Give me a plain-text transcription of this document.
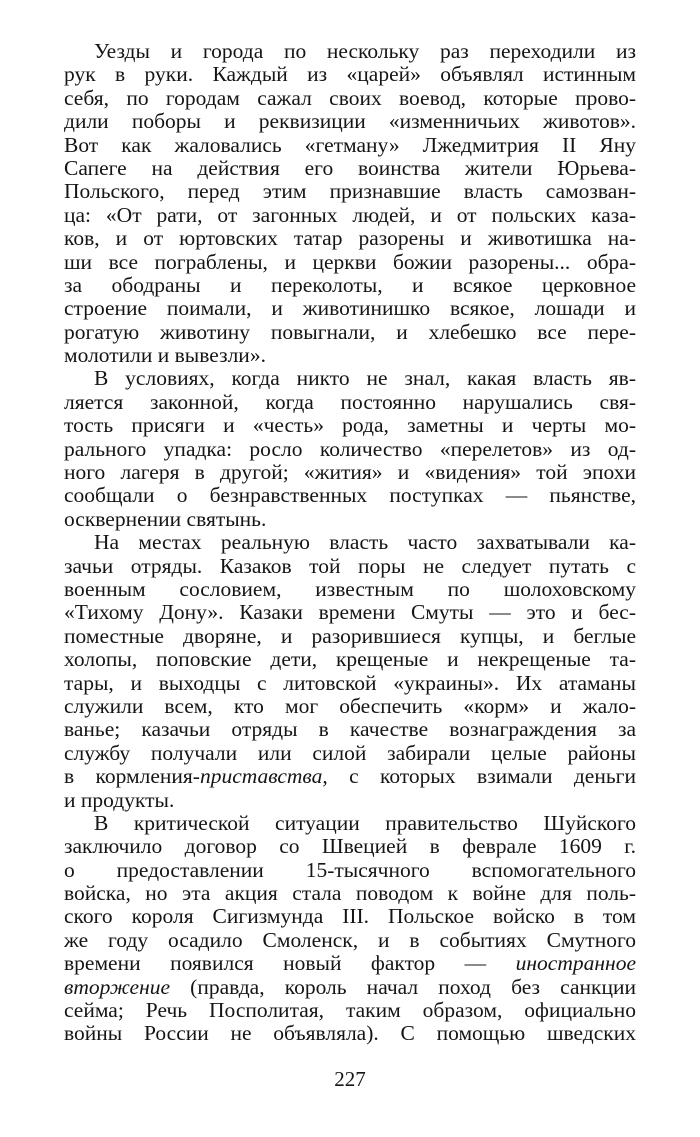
Уезды и города по нескольку раз переходили из
рук в руки. Каждый из «царей» объявлял истинным
себя, по городам сажал своих воевод, которые прово-
дили поборы и реквизиции «изменничьих животов».
Вот как жаловались «гетману» Лжедмитрия II Яну
Сапеге на действия его воинства жители Юрьева-
Польского, перед этим признавшие власть самозван-
ца: «От рати, от загонных людей, и от польских каза-
ков, и от юртовских татар разорены и животишка на-
ши все пограблены, и церкви божии разорены... обра-
за ободраны и переколоты, и всякое церковное
строение поимали, и животинишко всякое, лошади и
рогатую животину повыгнали, и хлебешко все пере-
молотили и вывезли».
В условиях, когда никто не знал, какая власть яв-
ляется законной, когда постоянно нарушались свя-
тость присяги и «честь» рода, заметны и черты мо-
рального упадка: росло количество «перелетов» из од-
ного лагеря в другой; «жития» и «видения» той эпохи
сообщали о безнравственных поступках — пьянстве,
осквернении святынь.
На местах реальную власть часто захватывали ка-
зачьи отряды. Казаков той поры не следует путать с
военным сословием, известным по шолоховскому
«Тихому Дону». Казаки времени Смуты — это и бес-
поместные дворяне, и разорившиеся купцы, и беглые
холопы, поповские дети, крещеные и некрещеные та-
тары, и выходцы с литовской «украины». Их атаманы
служили всем, кто мог обеспечить «корм» и жало-
ванье; казачьи отряды в качестве вознаграждения за
службу получали или силой забирали целые районы
в кормления-приставства, с которых взимали деньги
и продукты.
В критической ситуации правительство Шуйского
заключило договор со Швецией в феврале 1609 г.
о предоставлении 15-тысячного вспомогательного
войска, но эта акция стала поводом к войне для поль-
ского короля Сигизмунда III. Польское войско в том
же году осадило Смоленск, и в событиях Смутного
времени появился новый фактор — иностранное
вторжение (правда, король начал поход без санкции
сейма; Речь Посполитая, таким образом, официально
войны России не объявляла). С помощью шведских
227
